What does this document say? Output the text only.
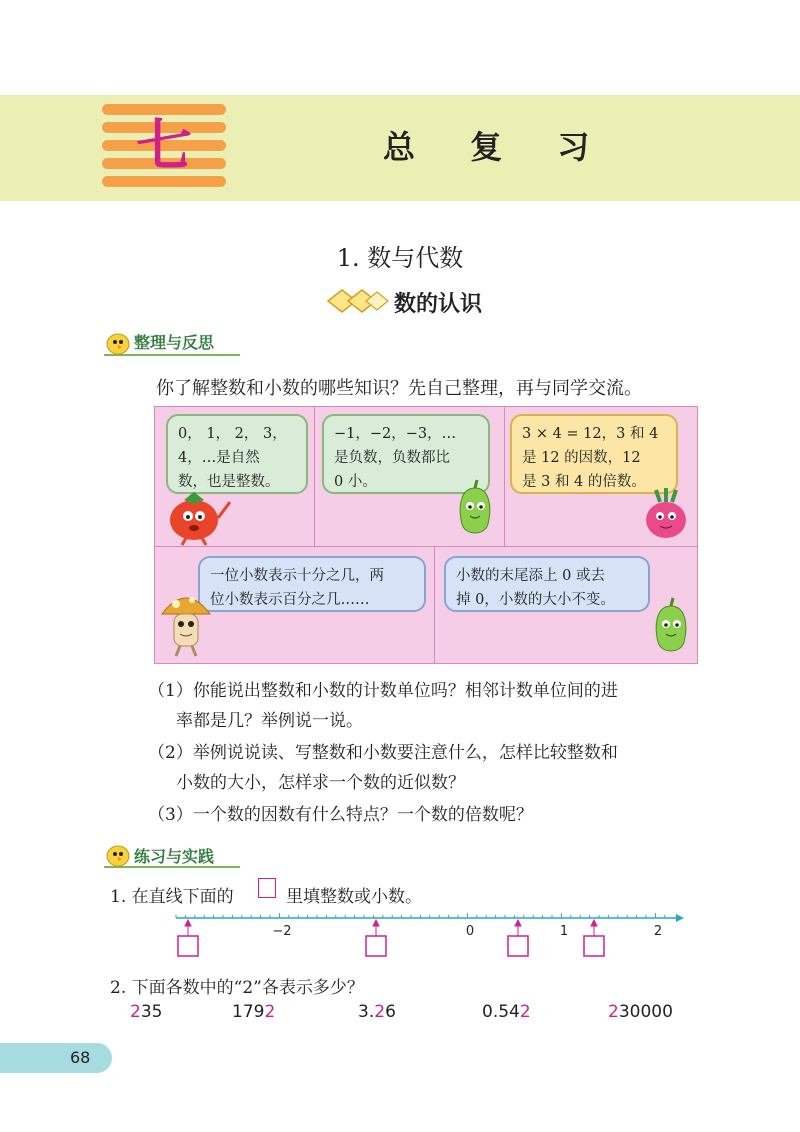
七	总 复 习
1. 数与代数
数的认识
整理与反思
你了解整数和小数的哪些知识？先自己整理，再与同学交流。
0， 1， 2， 3，
4，…是自然
数，也是整数。
−1，−2，−3，…
是负数，负数都比
0 小。
3 × 4 = 12，3 和 4
是 12 的因数，12
是 3 和 4 的倍数。
一位小数表示十分之几，两
位小数表示百分之几……
小数的末尾添上 0 或去
掉 0，小数的大小不变。
（1）你能说出整数和小数的计数单位吗？相邻计数单位间的进
率都是几？举例说一说。
（2）举例说说读、写整数和小数要注意什么，怎样比较整数和
小数的大小，怎样求一个数的近似数？
（3）一个数的因数有什么特点？一个数的倍数呢？
练习与实践
1. 在直线下面的	里填整数或小数。
−2	0	1	2
2. 下面各数中的“2”各表示多少？
235	1792	3.26	0.542	230000
68
